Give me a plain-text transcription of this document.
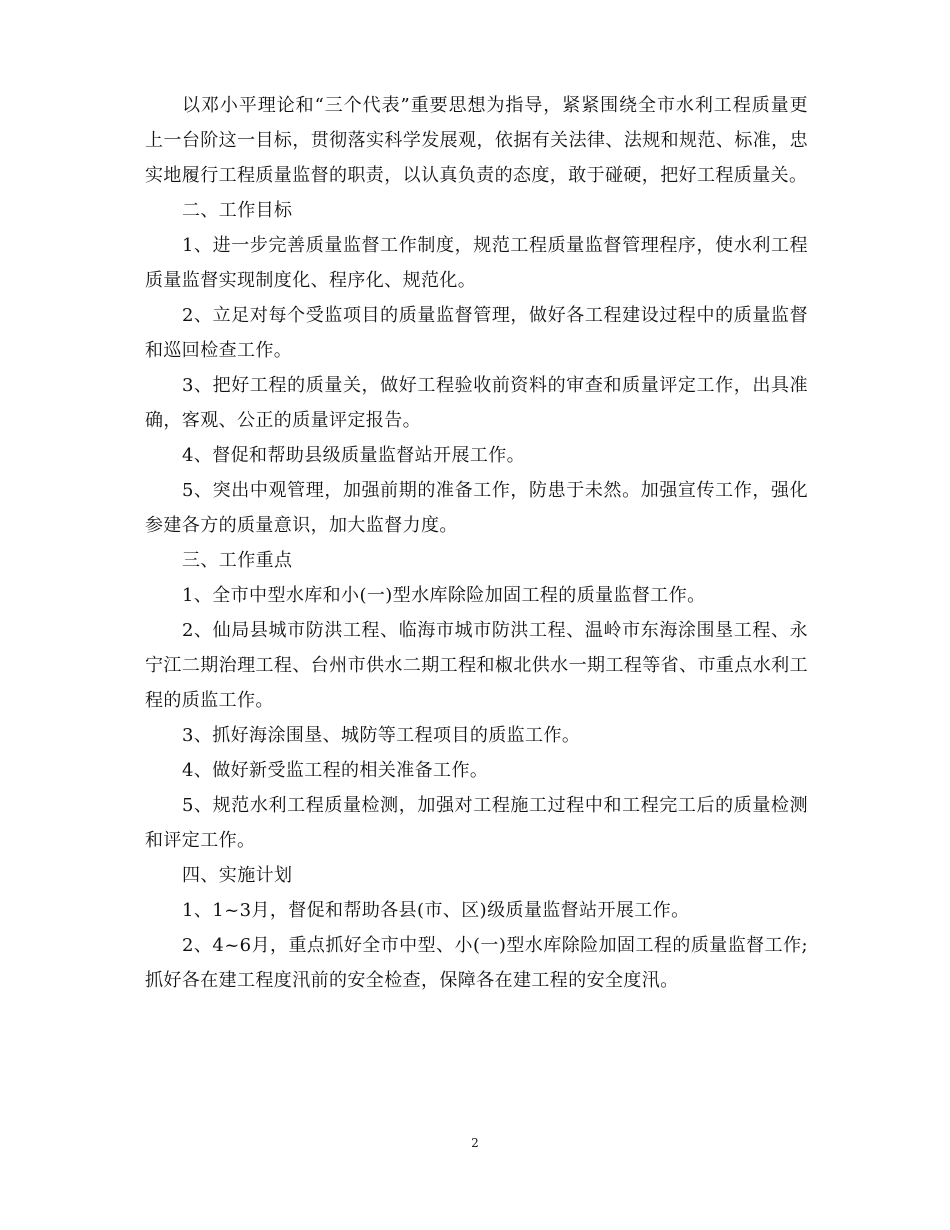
以邓小平理论和“三个代表”重要思想为指导，紧紧围绕全市水利工程质量更上一台阶这一目标，贯彻落实科学发展观，依据有关法律、法规和规范、标准，忠实地履行工程质量监督的职责，以认真负责的态度，敢于碰硬，把好工程质量关。

二、工作目标

1、进一步完善质量监督工作制度，规范工程质量监督管理程序，使水利工程质量监督实现制度化、程序化、规范化。

2、立足对每个受监项目的质量监督管理，做好各工程建设过程中的质量监督和巡回检查工作。

3、把好工程的质量关，做好工程验收前资料的审查和质量评定工作，出具准确，客观、公正的质量评定报告。

4、督促和帮助县级质量监督站开展工作。

5、突出中观管理，加强前期的准备工作，防患于未然。加强宣传工作，强化参建各方的质量意识，加大监督力度。

三、工作重点

1、全市中型水库和小(一)型水库除险加固工程的质量监督工作。

2、仙局县城市防洪工程、临海市城市防洪工程、温岭市东海涂围垦工程、永宁江二期治理工程、台州市供水二期工程和椒北供水一期工程等省、市重点水利工程的质监工作。

3、抓好海涂围垦、城防等工程项目的质监工作。

4、做好新受监工程的相关准备工作。

5、规范水利工程质量检测，加强对工程施工过程中和工程完工后的质量检测和评定工作。

四、实施计划

1、1~3月，督促和帮助各县(市、区)级质量监督站开展工作。

2、4~6月，重点抓好全市中型、小(一)型水库除险加固工程的质量监督工作;抓好各在建工程度汛前的安全检查，保障各在建工程的安全度汛。

2
